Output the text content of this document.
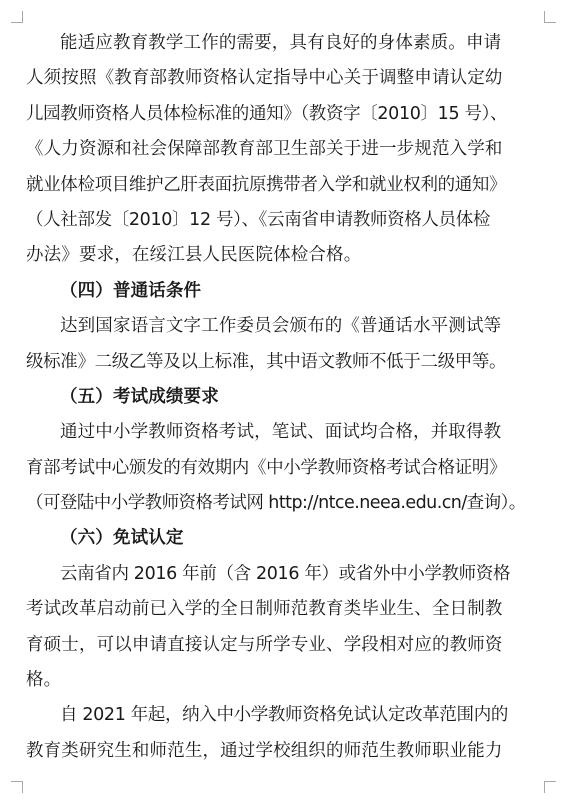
能适应教育教学工作的需要，具有良好的身体素质。申请
人须按照《教育部教师资格认定指导中心关于调整申请认定幼
儿园教师资格人员体检标准的通知》（教资字〔2010〕15 号）、
《人力资源和社会保障部教育部卫生部关于进一步规范入学和
就业体检项目维护乙肝表面抗原携带者入学和就业权利的通知》
（人社部发〔2010〕12 号）、《云南省申请教师资格人员体检
办法》要求，在绥江县人民医院体检合格。
（四）普通话条件
达到国家语言文字工作委员会颁布的《普通话水平测试等
级标准》二级乙等及以上标准，其中语文教师不低于二级甲等。
（五）考试成绩要求
通过中小学教师资格考试，笔试、面试均合格，并取得教
育部考试中心颁发的有效期内《中小学教师资格考试合格证明》
（可登陆中小学教师资格考试网 http://ntce.neea.edu.cn/查询）。
（六）免试认定
云南省内 2016 年前（含 2016 年）或省外中小学教师资格
考试改革启动前已入学的全日制师范教育类毕业生、全日制教
育硕士，可以申请直接认定与所学专业、学段相对应的教师资
格。
自 2021 年起，纳入中小学教师资格免试认定改革范围内的
教育类研究生和师范生，通过学校组织的师范生教师职业能力
